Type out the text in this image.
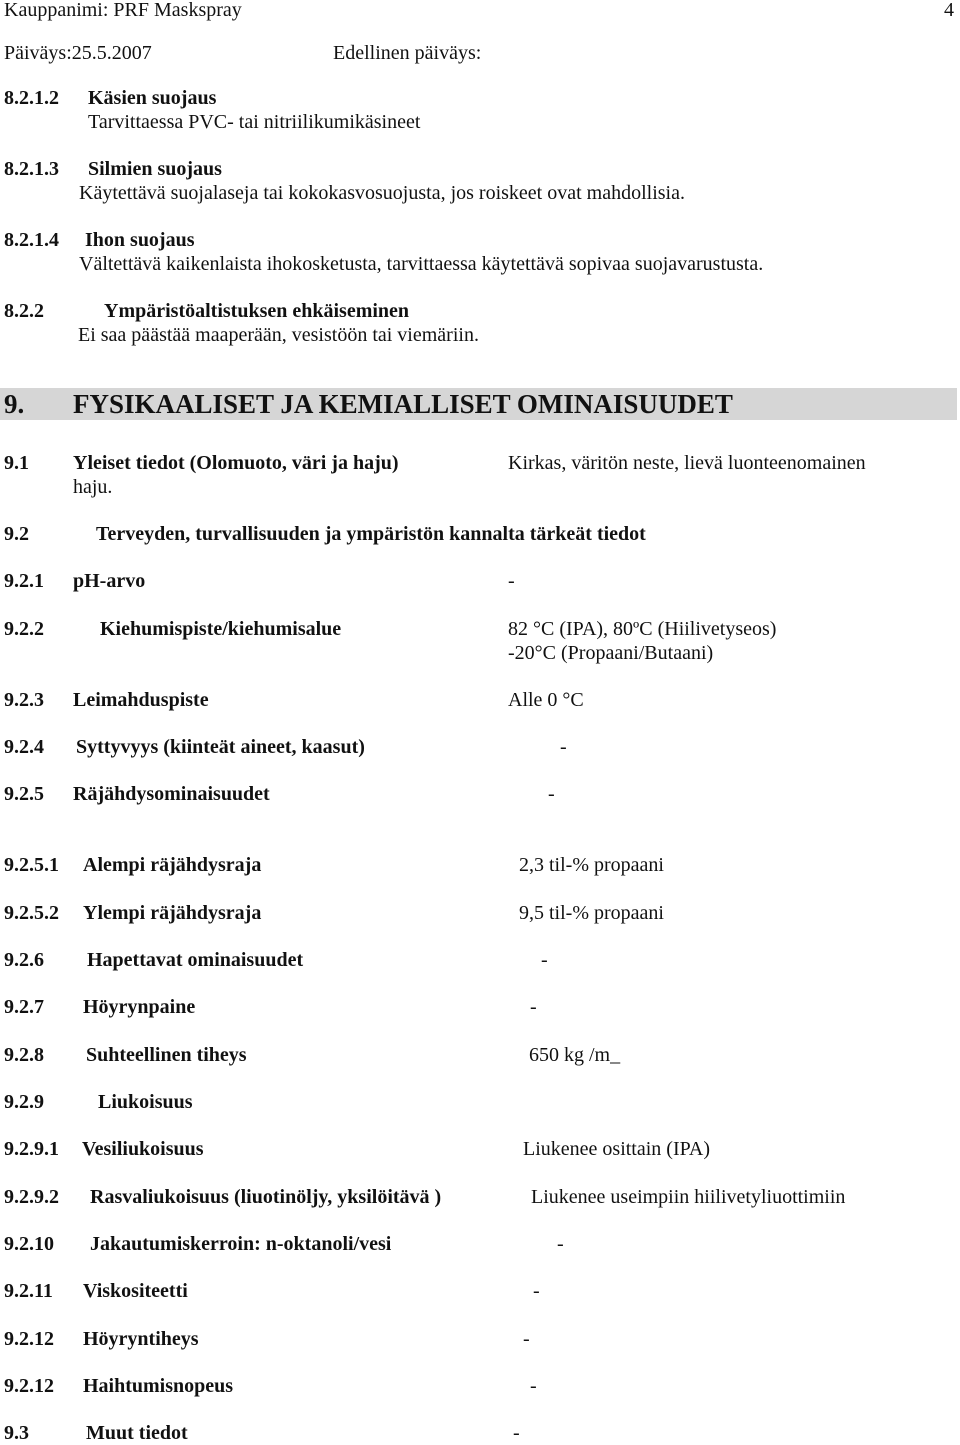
Kauppanimi: PRF Maskspray	4
Päiväys:25.5.2007	Edellinen päiväys:
8.2.1.2 Käsien suojaus
Tarvittaessa PVC- tai nitriilikumikäsineet
8.2.1.3 Silmien suojaus
Käytettävä suojalaseja tai kokokasvosuojusta, jos roiskeet ovat mahdollisia.
8.2.1.4 Ihon suojaus
Vältettävä kaikenlaista ihokosketusta, tarvittaessa käytettävä sopivaa suojavarustusta.
8.2.2	Ympäristöaltistuksen ehkäiseminen
Ei saa päästää maaperään, vesistöön tai viemäriin.
9. FYSIKAALISET JA KEMIALLISET OMINAISUUDET
9.1 Yleiset tiedot (Olomuoto, väri ja haju)	Kirkas, väritön neste, lievä luonteenomainen
haju.
9.2	Terveyden, turvallisuuden ja ympäristön kannalta tärkeät tiedot
9.2.1 pH-arvo	-
9.2.2	Kiehumispiste/kiehumisalue	82 °C (IPA), 80ºC (Hiilivetyseos)
-20°C (Propaani/Butaani)
9.2.3 Leimahduspiste	Alle 0 °C
9.2.4 Syttyvyys (kiinteät aineet, kaasut)	-
9.2.5 Räjähdysominaisuudet	-
9.2.5.1 Alempi räjähdysraja	2,3 til-% propaani
9.2.5.2 Ylempi räjähdysraja	9,5 til-% propaani
9.2.6 Hapettavat ominaisuudet	-
9.2.7 Höyrynpaine	-
9.2.8 Suhteellinen tiheys	650 kg /m_
9.2.9	Liukoisuus
9.2.9.1 Vesiliukoisuus	Liukenee osittain (IPA)
9.2.9.2 Rasvaliukoisuus (liuotinöljy, yksilöitävä )	Liukenee useimpiin hiilivetyliuottimiin
9.2.10 Jakautumiskerroin: n-oktanoli/vesi	-
9.2.11 Viskositeetti	-
9.2.12 Höyryntiheys	-
9.2.12 Haihtumisnopeus	-
9.3	Muut tiedot	-
